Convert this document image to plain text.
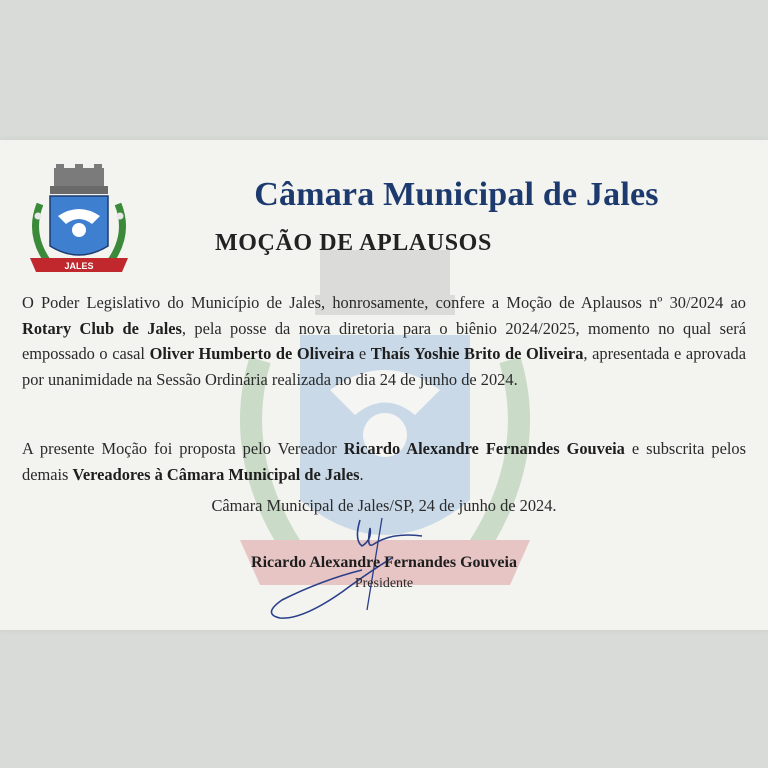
JALES
Câmara Municipal de Jales
MOÇÃO DE APLAUSOS

O Poder Legislativo do Município de Jales, honrosamente, confere a Moção de Aplausos nº 30/2024 ao Rotary Club de Jales, pela posse da nova diretoria para o biênio 2024/2025, momento no qual será empossado o casal Oliver Humberto de Oliveira e Thaís Yoshie Brito de Oliveira, apresentada e aprovada por unanimidade na Sessão Ordinária realizada no dia 24 de junho de 2024.

A presente Moção foi proposta pelo Vereador Ricardo Alexandre Fernandes Gouveia e subscrita pelos demais Vereadores à Câmara Municipal de Jales.

Câmara Municipal de Jales/SP, 24 de junho de 2024.

Ricardo Alexandre Fernandes Gouveia

Presidente
